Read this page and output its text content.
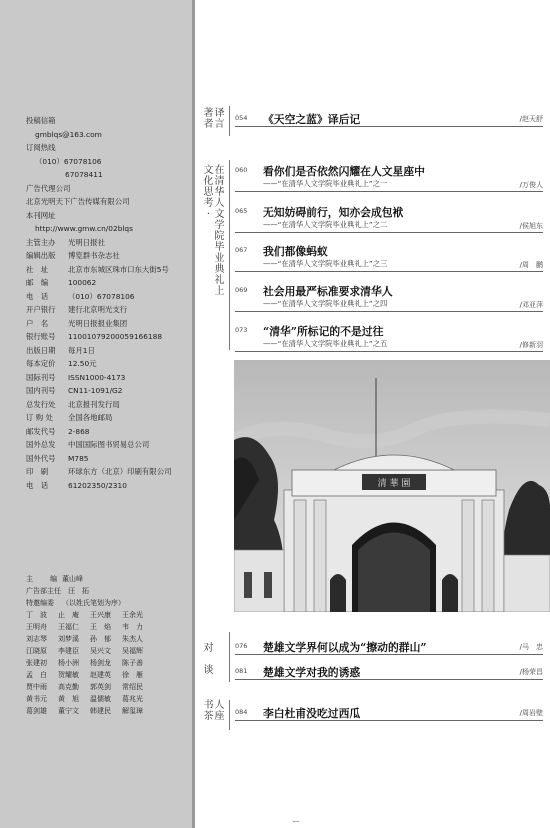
投稿信箱
gmblqs@163.com
订阅热线
（010）67078106
67078411
广告代理公司
北京光明天下广告传媒有限公司
本刊网址
http://www.gmw.cn/02blqs
主管主办 光明日报社
编辑出版 博览群书杂志社
社　址	北京市东城区珠市口东大街5号
邮　编	100062
电　话	（010）67078106
开户银行 建行北京明光支行
户　名	光明日报报业集团
银行账号 11001079200059166188
出版日期 每月1日
每本定价 12.50元
国际刊号 ISSN1000-4173
国内刊号 CN11-1091/G2
总发行处 北京报刊发行局
订 购 处 全国各地邮局
邮发代号 2-868
国外总发 中国国际图书贸易总公司
国外代号 M785
印　刷	环球东方（北京）印刷有限公司
电　话	61202350/2310
主　编董山峰
广告部主任 汪　拓
特邀编委 （以姓氏笔划为序）
丁　波 止　庵 王兴康 王余光
王明舟 王福仁 王　焰 韦　力
刘志琴 刘梦溪 孙　郁 朱杰人
江晓原 李建臣 吴兴文 吴福辉
张建初 杨小洲 杨剑龙 陈子善
孟　白 贺耀敏 赵建英 徐　雁
贾中雨 高克勤 郭英剑 常绍民
黄书元 黄　旭 温儒敏 葛兆光
葛剑雄 董宁文 韩建民 解玺璋
著者译言
文化思考·在清华人文学院毕业典礼上
对谈
书茶人座
054 《天空之蓝》译后记	/赵天舒
060 看你们是否依然闪耀在人文星座中
——“在清华人文学院毕业典礼上”之一	/万俊人
065 无知妨碍前行，知亦会成包袱
——“在清华人文学院毕业典礼上”之二	/侯旭东
067 我们都像蚂蚁
——“在清华人文学院毕业典礼上”之三	/周　鹏
069 社会用最严标准要求清华人
——“在清华人文学院毕业典礼上”之四	/邓亚萍
073 “清华”所标记的不是过往
——“在清华人文学院毕业典礼上”之五	/修新羽
076 楚雄文学界何以成为“擦动的群山”	/马　忠
081 楚雄文学对我的诱惑	/杨荣昌
084 李白杜甫没吃过西瓜	/周岩壁
清 華 園
ー
